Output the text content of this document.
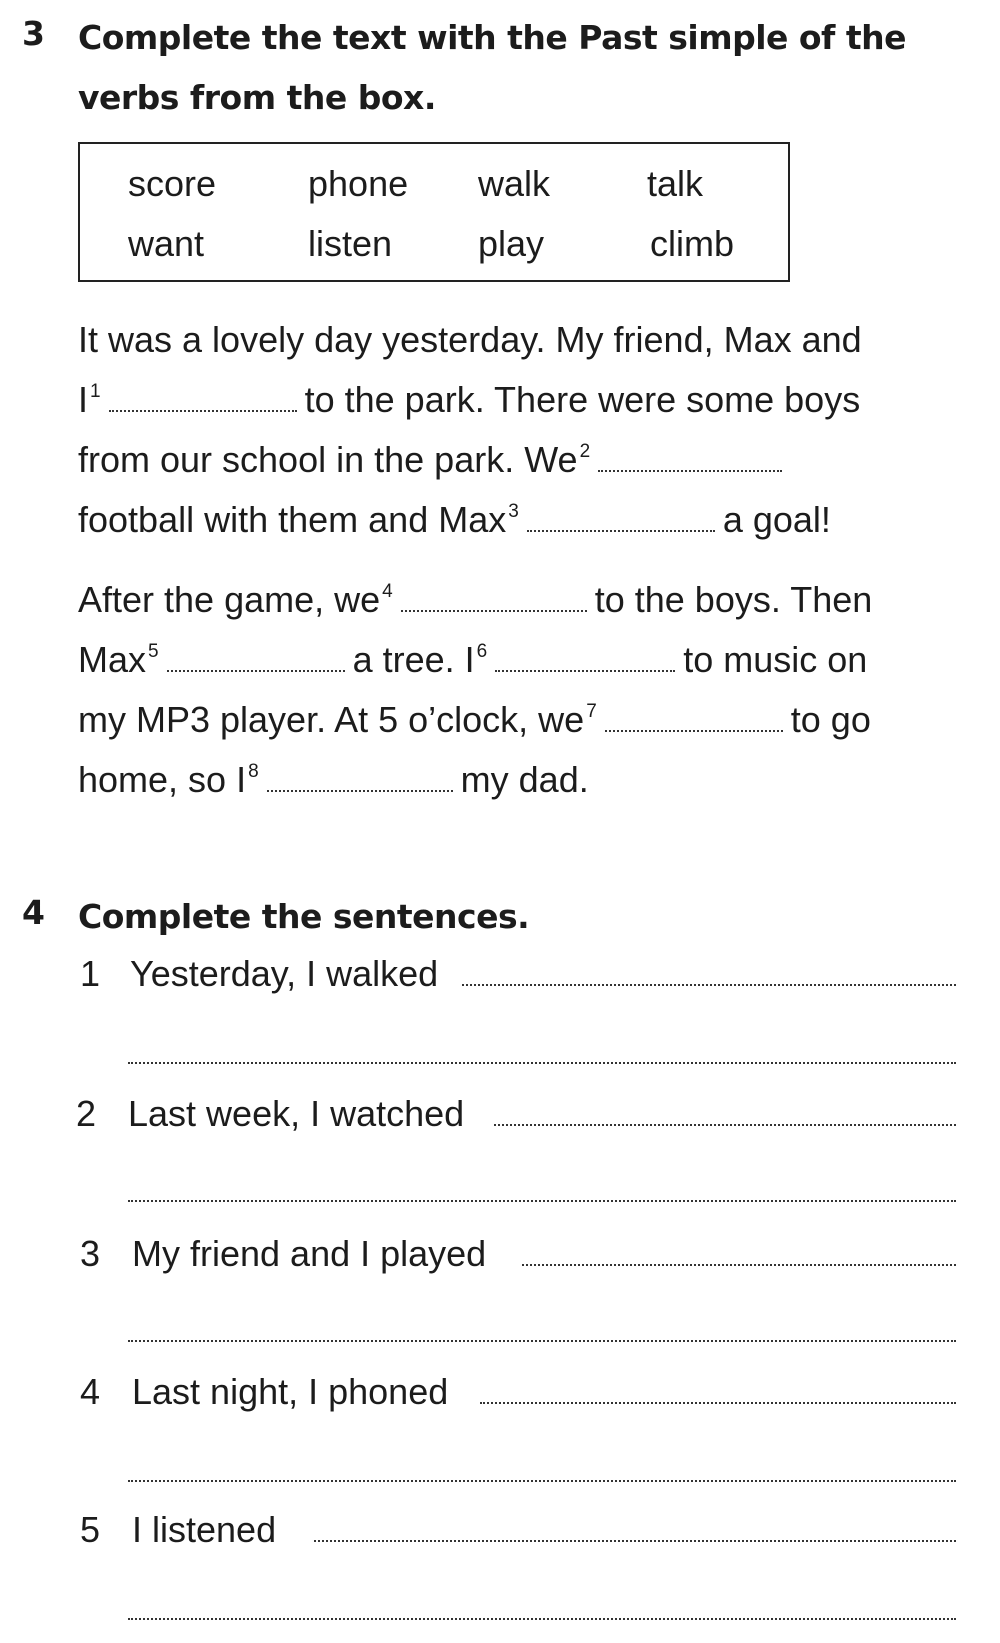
3 Complete the text with the Past simple of the
verbs from the box.
score	phone walk	talk
want	listen play	climb
It was a lovely day yesterday. My friend, Max and
I $^1$	to the park. There were some boys
from our school in the park. We $^2$
football with them and Max $^3$	a goal!
After the game, we $^4$	to the boys. Then
Max $^5$	a tree. I $^6$	to music on
my MP3 player. At 5 o’clock, we $^7$	to go
home, so I $^8$	my dad.
4 Complete the sentences.
1 Yesterday, I walked
2 Last week, I watched
3 My friend and I played
4 Last night, I phoned
5 I listened
